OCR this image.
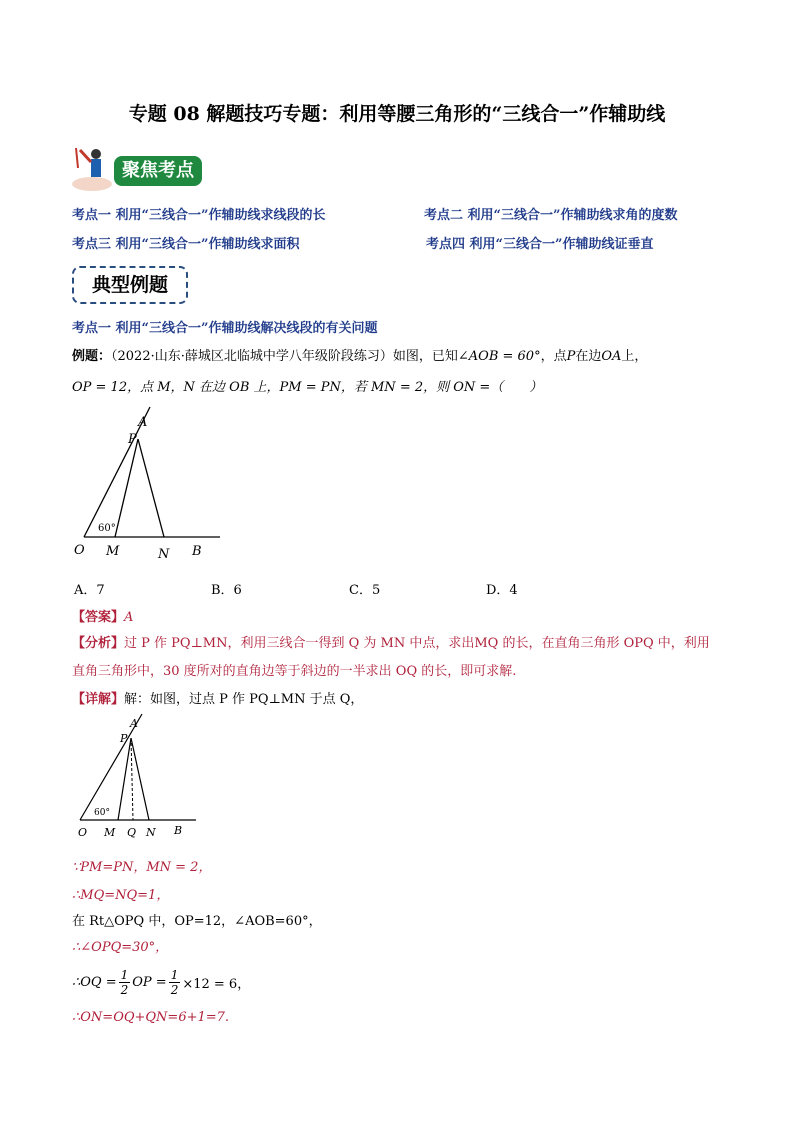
专题 08 解题技巧专题：利用等腰三角形的“三线合一”作辅助线
聚焦考点
考点一 利用“三线合一”作辅助线求线段的长	考点二 利用“三线合一”作辅助线求角的度数
考点三 利用“三线合一”作辅助线求面积	考点四 利用“三线合一”作辅助线证垂直
典型例题
考点一 利用“三线合一”作辅助线解决线段的有关问题
例题：（2022·山东·薛城区北临城中学八年级阶段练习）如图，已知∠AOB = 60°，点P在边OA上，
OP = 12，点 M，N 在边 OB 上，PM = PN，若 MN = 2，则 ON =（　　）
A
P
60°
O M	N B
A．7	B．6	C．5	D．4
【答案】A
【分析】过 P 作 PQ⊥MN，利用三线合一得到 Q 为 MN 中点，求出MQ 的长，在直角三角形 OPQ 中，利用
直角三角形中，30 度所对的直角边等于斜边的一半求出 OQ 的长，即可求解.
【详解】解：如图，过点 P 作 PQ⊥MN 于点 Q，
A
P
60°
O M Q N B
∵PM=PN，MN = 2，
∴MQ=NQ=1，
在 Rt△OPQ 中，OP=12，∠AOB=60°，
∴∠OPQ=30°，
∴OQ = $\frac{1}{2}$ OP = $\frac{1}{2} \times 12 = 6$，
∴ON=OQ+QN=6+1=7.
